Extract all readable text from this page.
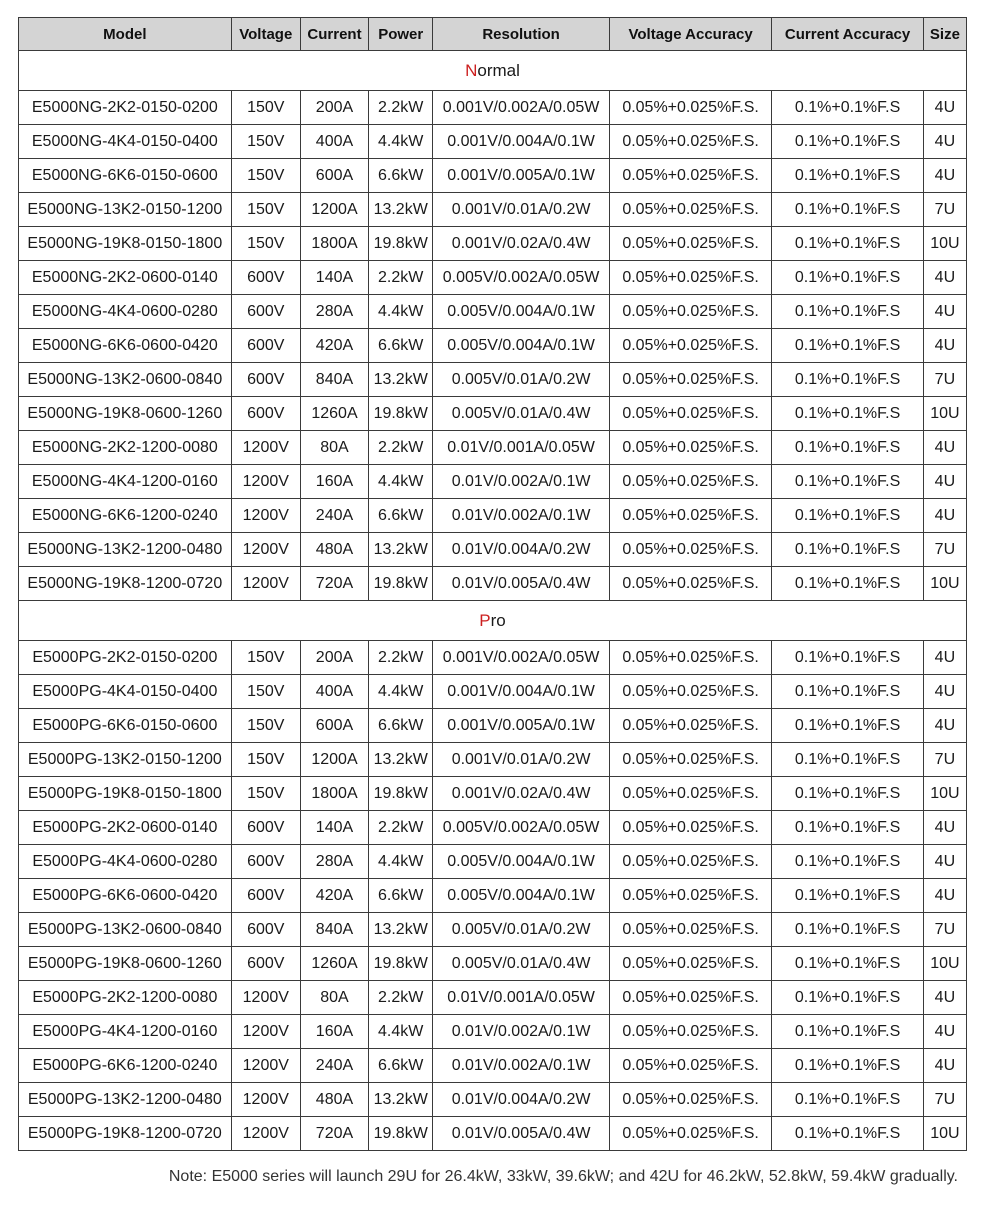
Model	Voltage	Current	Power	Resolution	Voltage Accuracy	Current Accuracy	Size
Normal							
E5000NG-2K2-0150-0200	150V	200A	2.2kW	0.001V/0.002A/0.05W	0.05%+0.025%F.S.	0.1%+0.1%F.S	4U
E5000NG-4K4-0150-0400	150V	400A	4.4kW	0.001V/0.004A/0.1W	0.05%+0.025%F.S.	0.1%+0.1%F.S	4U
E5000NG-6K6-0150-0600	150V	600A	6.6kW	0.001V/0.005A/0.1W	0.05%+0.025%F.S.	0.1%+0.1%F.S	4U
E5000NG-13K2-0150-1200	150V	1200A	13.2kW	0.001V/0.01A/0.2W	0.05%+0.025%F.S.	0.1%+0.1%F.S	7U
E5000NG-19K8-0150-1800	150V	1800A	19.8kW	0.001V/0.02A/0.4W	0.05%+0.025%F.S.	0.1%+0.1%F.S	10U
E5000NG-2K2-0600-0140	600V	140A	2.2kW	0.005V/0.002A/0.05W	0.05%+0.025%F.S.	0.1%+0.1%F.S	4U
E5000NG-4K4-0600-0280	600V	280A	4.4kW	0.005V/0.004A/0.1W	0.05%+0.025%F.S.	0.1%+0.1%F.S	4U
E5000NG-6K6-0600-0420	600V	420A	6.6kW	0.005V/0.004A/0.1W	0.05%+0.025%F.S.	0.1%+0.1%F.S	4U
E5000NG-13K2-0600-0840	600V	840A	13.2kW	0.005V/0.01A/0.2W	0.05%+0.025%F.S.	0.1%+0.1%F.S	7U
E5000NG-19K8-0600-1260	600V	1260A	19.8kW	0.005V/0.01A/0.4W	0.05%+0.025%F.S.	0.1%+0.1%F.S	10U
E5000NG-2K2-1200-0080	1200V	80A	2.2kW	0.01V/0.001A/0.05W	0.05%+0.025%F.S.	0.1%+0.1%F.S	4U
E5000NG-4K4-1200-0160	1200V	160A	4.4kW	0.01V/0.002A/0.1W	0.05%+0.025%F.S.	0.1%+0.1%F.S	4U
E5000NG-6K6-1200-0240	1200V	240A	6.6kW	0.01V/0.002A/0.1W	0.05%+0.025%F.S.	0.1%+0.1%F.S	4U
E5000NG-13K2-1200-0480	1200V	480A	13.2kW	0.01V/0.004A/0.2W	0.05%+0.025%F.S.	0.1%+0.1%F.S	7U
E5000NG-19K8-1200-0720	1200V	720A	19.8kW	0.01V/0.005A/0.4W	0.05%+0.025%F.S.	0.1%+0.1%F.S	10U
Pro							
E5000PG-2K2-0150-0200	150V	200A	2.2kW	0.001V/0.002A/0.05W	0.05%+0.025%F.S.	0.1%+0.1%F.S	4U
E5000PG-4K4-0150-0400	150V	400A	4.4kW	0.001V/0.004A/0.1W	0.05%+0.025%F.S.	0.1%+0.1%F.S	4U
E5000PG-6K6-0150-0600	150V	600A	6.6kW	0.001V/0.005A/0.1W	0.05%+0.025%F.S.	0.1%+0.1%F.S	4U
E5000PG-13K2-0150-1200	150V	1200A	13.2kW	0.001V/0.01A/0.2W	0.05%+0.025%F.S.	0.1%+0.1%F.S	7U
E5000PG-19K8-0150-1800	150V	1800A	19.8kW	0.001V/0.02A/0.4W	0.05%+0.025%F.S.	0.1%+0.1%F.S	10U
E5000PG-2K2-0600-0140	600V	140A	2.2kW	0.005V/0.002A/0.05W	0.05%+0.025%F.S.	0.1%+0.1%F.S	4U
E5000PG-4K4-0600-0280	600V	280A	4.4kW	0.005V/0.004A/0.1W	0.05%+0.025%F.S.	0.1%+0.1%F.S	4U
E5000PG-6K6-0600-0420	600V	420A	6.6kW	0.005V/0.004A/0.1W	0.05%+0.025%F.S.	0.1%+0.1%F.S	4U
E5000PG-13K2-0600-0840	600V	840A	13.2kW	0.005V/0.01A/0.2W	0.05%+0.025%F.S.	0.1%+0.1%F.S	7U
E5000PG-19K8-0600-1260	600V	1260A	19.8kW	0.005V/0.01A/0.4W	0.05%+0.025%F.S.	0.1%+0.1%F.S	10U
E5000PG-2K2-1200-0080	1200V	80A	2.2kW	0.01V/0.001A/0.05W	0.05%+0.025%F.S.	0.1%+0.1%F.S	4U
E5000PG-4K4-1200-0160	1200V	160A	4.4kW	0.01V/0.002A/0.1W	0.05%+0.025%F.S.	0.1%+0.1%F.S	4U
E5000PG-6K6-1200-0240	1200V	240A	6.6kW	0.01V/0.002A/0.1W	0.05%+0.025%F.S.	0.1%+0.1%F.S	4U
E5000PG-13K2-1200-0480	1200V	480A	13.2kW	0.01V/0.004A/0.2W	0.05%+0.025%F.S.	0.1%+0.1%F.S	7U
E5000PG-19K8-1200-0720	1200V	720A	19.8kW	0.01V/0.005A/0.4W	0.05%+0.025%F.S.	0.1%+0.1%F.S	10U
Note: E5000 series will launch 29U for 26.4kW, 33kW, 39.6kW; and 42U for 46.2kW, 52.8kW, 59.4kW gradually.
